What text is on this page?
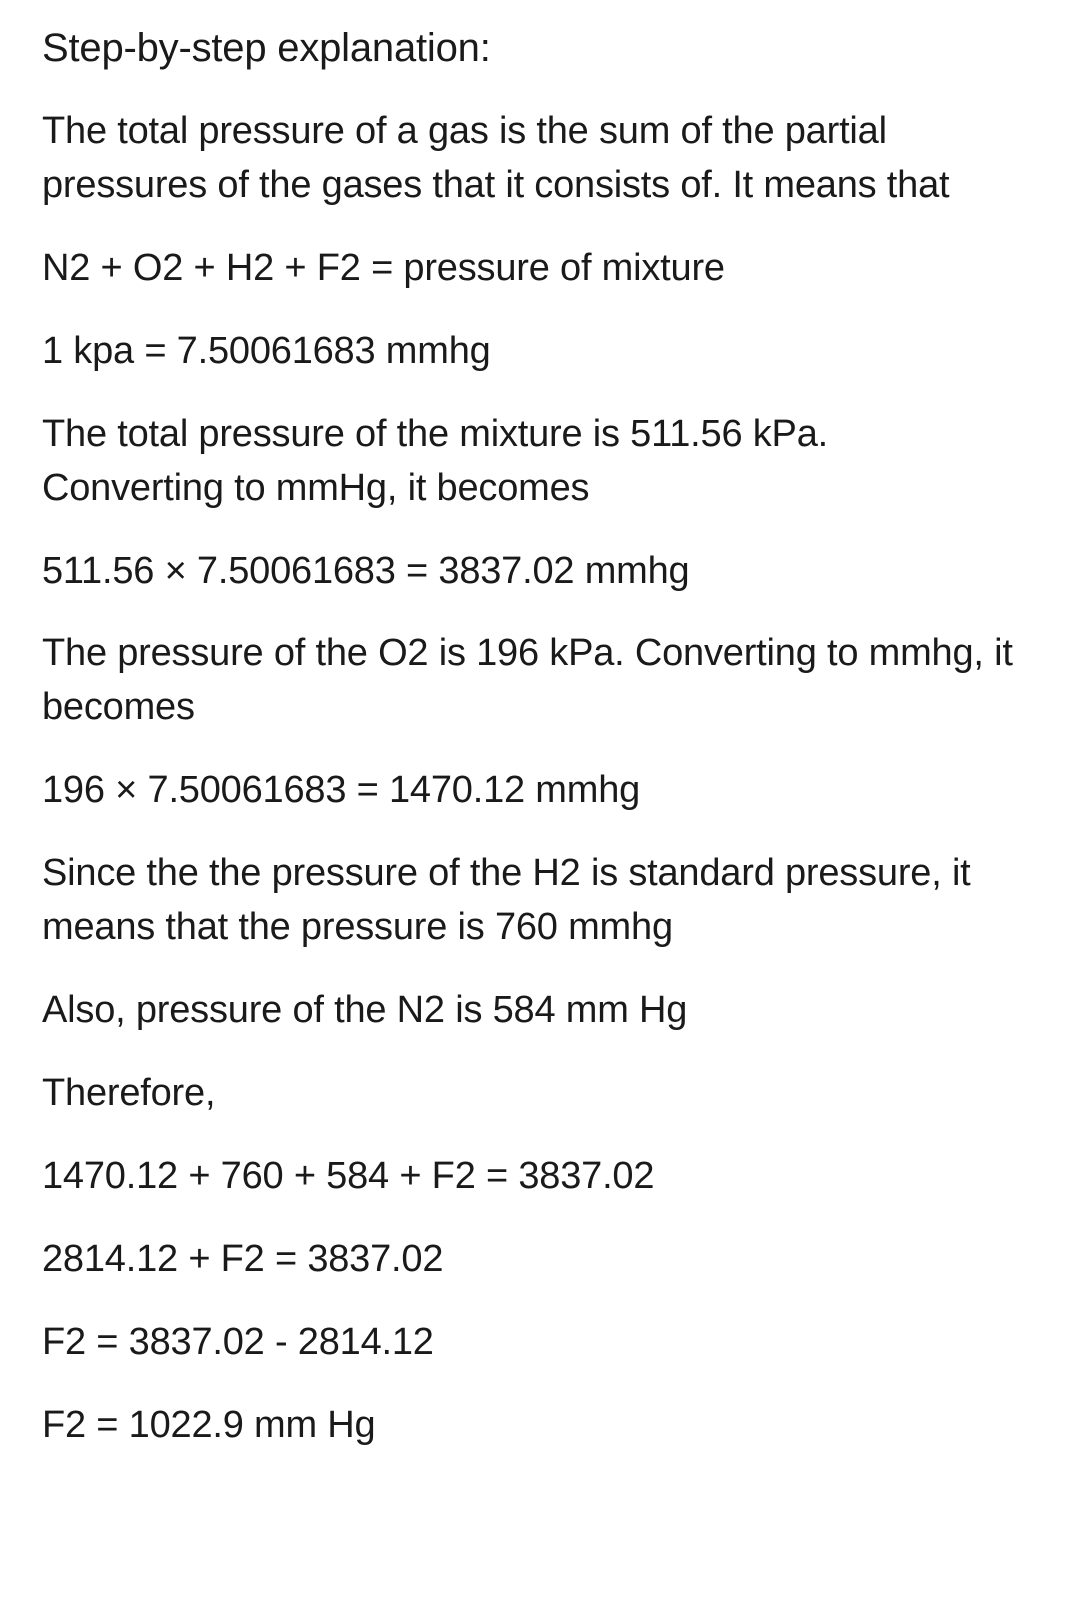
Step-by-step explanation:

The total pressure of a gas is the sum of the partial pressures of the gases that it consists of. It means that

N2 + O2 + H2 + F2 = pressure of mixture

1 kpa = 7.50061683 mmhg

The total pressure of the mixture is 511.56 kPa. Converting to mmHg, it becomes

511.56 × 7.50061683 = 3837.02 mmhg

The pressure of the O2 is 196 kPa. Converting to mmhg, it becomes

196 × 7.50061683 = 1470.12 mmhg

Since the the pressure of the H2 is standard pressure, it means that the pressure is 760 mmhg

Also, pressure of the N2 is 584 mm Hg

Therefore,

1470.12 + 760 + 584 + F2 = 3837.02

2814.12 + F2 = 3837.02

F2 = 3837.02 - 2814.12

F2 = 1022.9 mm Hg
